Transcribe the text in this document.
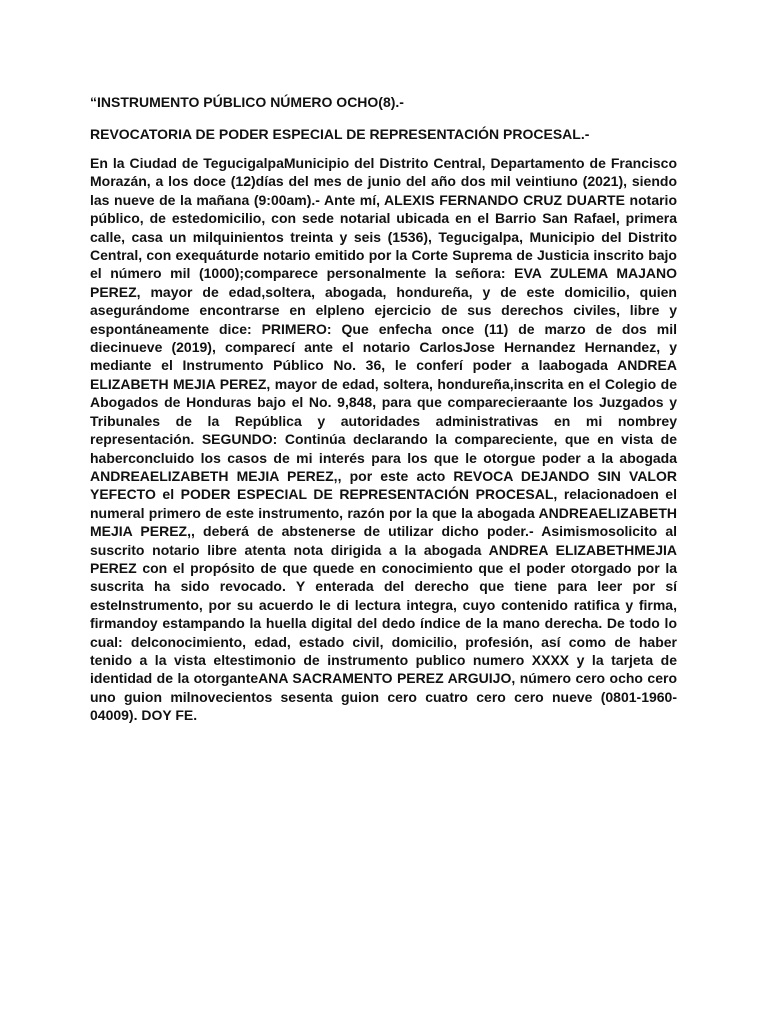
“INSTRUMENTO PÚBLICO NÚMERO OCHO(8).-

REVOCATORIA DE PODER ESPECIAL DE REPRESENTACIÓN PROCESAL.-

En la Ciudad de TegucigalpaMunicipio del Distrito Central, Departamento de Francisco Morazán, a los doce (12)días del mes de junio del año dos mil veintiuno (2021), siendo las nueve de la mañana (9:00am).- Ante mí, ALEXIS FERNANDO CRUZ DUARTE notario público, de estedomicilio, con sede notarial ubicada en el Barrio San Rafael, primera calle, casa un milquinientos treinta y seis (1536), Tegucigalpa, Municipio del Distrito Central, con exequáturde notario emitido por la Corte Suprema de Justicia inscrito bajo el número mil (1000);comparece personalmente la señora: EVA ZULEMA MAJANO PEREZ, mayor de edad,soltera, abogada, hondureña, y de este domicilio, quien asegurándome encontrarse en elpleno ejercicio de sus derechos civiles, libre y espontáneamente dice: PRIMERO: Que enfecha once (11) de marzo de dos mil diecinueve (2019), comparecí ante el notario CarlosJose Hernandez Hernandez, y mediante el Instrumento Público No. 36, le conferí poder a laabogada ANDREA ELIZABETH MEJIA PEREZ, mayor de edad, soltera, hondureña,inscrita en el Colegio de Abogados de Honduras bajo el No. 9,848, para que comparecieraante los Juzgados y Tribunales de la República y autoridades administrativas en mi nombrey representación. SEGUNDO: Continúa declarando la compareciente, que en vista de haberconcluido los casos de mi interés para los que le otorgue poder a la abogada ANDREAELIZABETH MEJIA PEREZ,, por este acto REVOCA DEJANDO SIN VALOR YEFECTO el PODER ESPECIAL DE REPRESENTACIÓN PROCESAL, relacionadoen el numeral primero de este instrumento, razón por la que la abogada ANDREAELIZABETH MEJIA PEREZ,, deberá de abstenerse de utilizar dicho poder.- Asimismosolicito al suscrito notario libre atenta nota dirigida a la abogada ANDREA ELIZABETHMEJIA PEREZ con el propósito de que quede en conocimiento que el poder otorgado por la suscrita ha sido revocado. Y enterada del derecho que tiene para leer por sí esteInstrumento, por su acuerdo le di lectura integra, cuyo contenido ratifica y firma, firmandoy estampando la huella digital del dedo índice de la mano derecha. De todo lo cual: delconocimiento, edad, estado civil, domicilio, profesión, así como de haber tenido a la vista eltestimonio de instrumento publico numero XXXX y la tarjeta de identidad de la otorganteANA SACRAMENTO PEREZ ARGUIJO, número cero ocho cero uno guion milnovecientos sesenta guion cero cuatro cero cero nueve (0801-1960-04009). DOY FE.
